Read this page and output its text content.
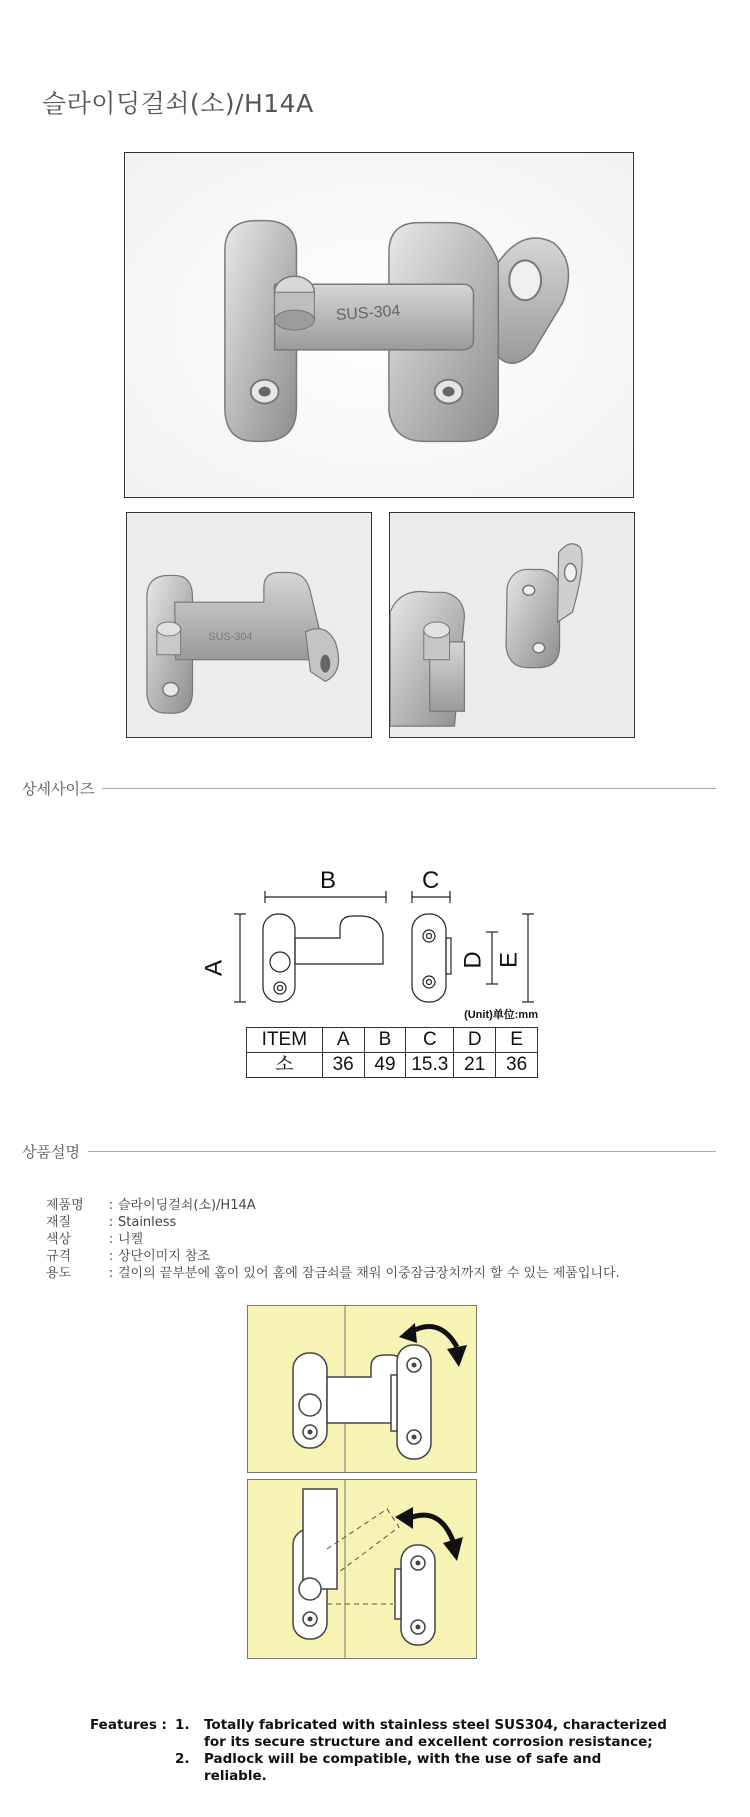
슬라이딩걸쇠(소)/H14A
SUS-304
SUS-304
상세사이즈
B	C
A	D E
(Unit)单位:mm
ITEM	A	B	C	D	E
소	36	49	15.3	21	36
상품설명
제품명	: 슬라이딩걸쇠(소)/H14A
재질	: Stainless
색상	: 니켈
규격	: 상단이미지 참조
용도	: 걸이의 끝부분에 홈이 있어 홈에 잠금쇠를 채워 이중잠금장치까지 할 수 있는 제품입니다.
Features : 1.	Totally fabricated with stainless steel SUS304, characterized
for its secure structure and excellent corrosion resistance;
2.	Padlock will be compatible, with the use of safe and
reliable.
